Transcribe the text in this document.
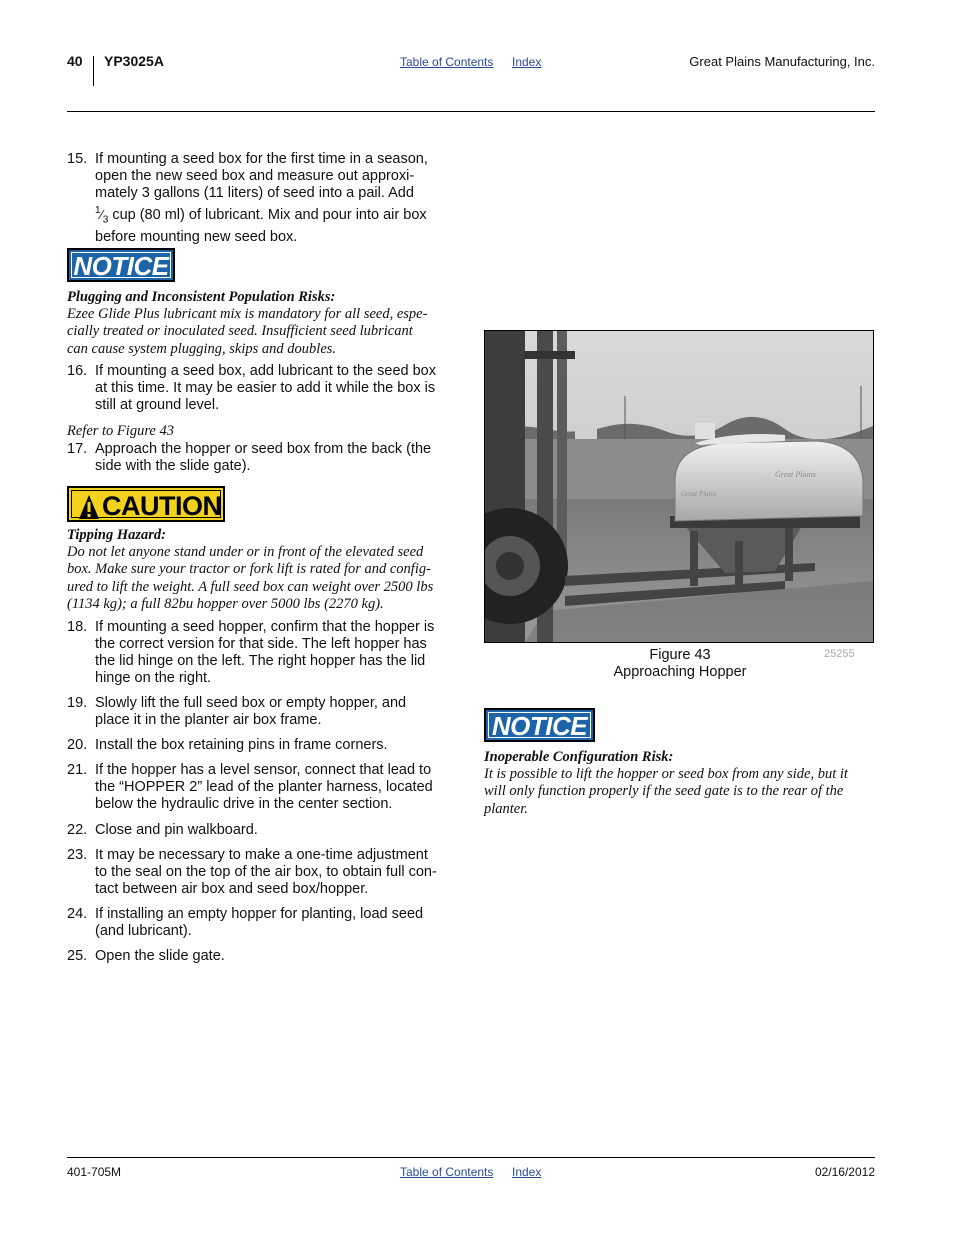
40 YP3025A	Table of Contents Index	Great Plains Manufacturing, Inc.
15. If mounting a seed box for the first time in a season,
open the new seed box and measure out approxi-
mately 3 gallons (11 liters) of seed into a pail. Add
$^1⁄_3$ cup (80 ml) of lubricant. Mix and pour into air box
before mounting new seed box.
NOTICE
Plugging and Inconsistent Population Risks:
Ezee Glide Plus lubricant mix is mandatory for all seed, espe-
cially treated or inoculated seed. Insufficient seed lubricant
can cause system plugging, skips and doubles.
16. If mounting a seed box, add lubricant to the seed box
at this time. It may be easier to add it while the box is
still at ground level.
Refer to Figure 43
17. Approach the hopper or seed box from the back (the
side with the slide gate).
CAUTION
Tipping Hazard:
Do not let anyone stand under or in front of the elevated seed
box. Make sure your tractor or fork lift is rated for and config-
ured to lift the weight. A full seed box can weight over 2500 lbs
(1134 kg); a full 82bu hopper over 5000 lbs (2270 kg).
18. If mounting a seed hopper, confirm that the hopper is
the correct version for that side. The left hopper has
the lid hinge on the left. The right hopper has the lid
hinge on the right.
19. Slowly lift the full seed box or empty hopper, and
place it in the planter air box frame.
20. Install the box retaining pins in frame corners.
21. If the hopper has a level sensor, connect that lead to
the “HOPPER 2” lead of the planter harness, located
below the hydraulic drive in the center section.
22. Close and pin walkboard.
23. It may be necessary to make a one-time adjustment
to the seal on the top of the air box, to obtain full con-
tact between air box and seed box/hopper.
24. If installing an empty hopper for planting, load seed
(and lubricant).
25. Open the slide gate.
Great Plains
Great Plains
Figure 43
Approaching Hopper
25255
NOTICE
Inoperable Configuration Risk:
It is possible to lift the hopper or seed box from any side, but it
will only function properly if the seed gate is to the rear of the
planter.
401-705M	Table of Contents Index	02/16/2012
